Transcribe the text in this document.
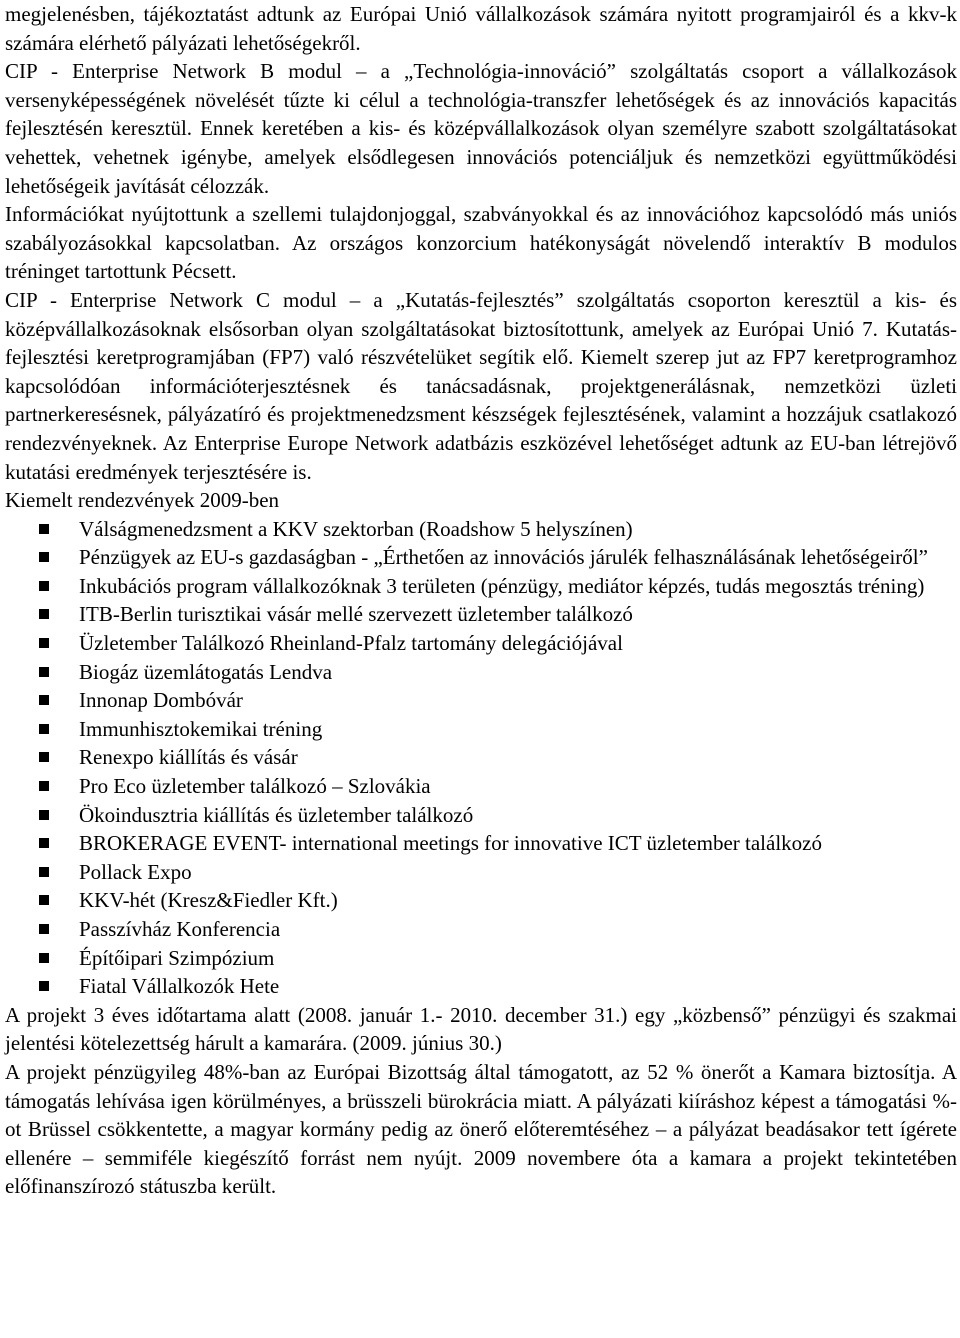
megjelenésben, tájékoztatást adtunk az Európai Unió vállalkozások számára nyitott programjairól és a kkv-k számára elérhető pályázati lehetőségekről.

CIP - Enterprise Network B modul – a „Technológia-innováció” szolgáltatás csoport a vállalkozások versenyképességének növelését tűzte ki célul a technológia-transzfer lehetőségek és az innovációs kapacitás fejlesztésén keresztül. Ennek keretében a kis- és középvállalkozások olyan személyre szabott szolgáltatásokat vehettek, vehetnek igénybe, amelyek elsődlegesen innovációs potenciáljuk és nemzetközi együttműködési lehetőségeik javítását célozzák.

Információkat nyújtottunk a szellemi tulajdonjoggal, szabványokkal és az innovációhoz kapcsolódó más uniós szabályozásokkal kapcsolatban. Az országos konzorcium hatékonyságát növelendő interaktív B modulos tréninget tartottunk Pécsett.

CIP - Enterprise Network C modul – a „Kutatás-fejlesztés” szolgáltatás csoporton keresztül a kis- és középvállalkozásoknak elsősorban olyan szolgáltatásokat biztosítottunk, amelyek az Európai Unió 7. Kutatás-fejlesztési keretprogramjában (FP7) való részvételüket segítik elő. Kiemelt szerep jut az FP7 keretprogramhoz kapcsolódóan információterjesztésnek és tanácsadásnak, projektgenerálásnak, nemzetközi üzleti partnerkeresésnek, pályázatíró és projektmenedzsment készségek fejlesztésének, valamint a hozzájuk csatlakozó rendezvényeknek. Az Enterprise Europe Network adatbázis eszközével lehetőséget adtunk az EU-ban létrejövő kutatási eredmények terjesztésére is.

Kiemelt rendezvények 2009-ben

Válságmenedzsment a KKV szektorban (Roadshow 5 helyszínen)
Pénzügyek az EU-s gazdaságban - „Érthetően az innovációs járulék felhasználásának lehetőségeiről”
Inkubációs program vállalkozóknak 3 területen (pénzügy, mediátor képzés, tudás megosztás tréning)
ITB-Berlin turisztikai vásár mellé szervezett üzletember találkozó
Üzletember Találkozó Rheinland-Pfalz tartomány delegációjával
Biogáz üzemlátogatás Lendva
Innonap Dombóvár
Immunhisztokemikai tréning
Renexpo kiállítás és vásár
Pro Eco üzletember találkozó – Szlovákia
Ökoindusztria kiállítás és üzletember találkozó
BROKERAGE EVENT- international meetings for innovative ICT üzletember találkozó
Pollack Expo
KKV-hét (Kresz&Fiedler Kft.)
Passzívház Konferencia
Építőipari Szimpózium
Fiatal Vállalkozók Hete

A projekt 3 éves időtartama alatt (2008. január 1.- 2010. december 31.) egy „közbenső” pénzügyi és szakmai jelentési kötelezettség hárult a kamarára. (2009. június 30.)

A projekt pénzügyileg 48%-ban az Európai Bizottság által támogatott, az 52 % önerőt a Kamara biztosítja. A támogatás lehívása igen körülményes, a brüsszeli bürokrácia miatt. A pályázati kiíráshoz képest a támogatási %-ot Brüssel csökkentette, a magyar kormány pedig az önerő előteremtéséhez – a pályázat beadásakor tett ígérete ellenére – semmiféle kiegészítő forrást nem nyújt. 2009 novembere óta a kamara a projekt tekintetében előfinanszírozó státuszba került.
